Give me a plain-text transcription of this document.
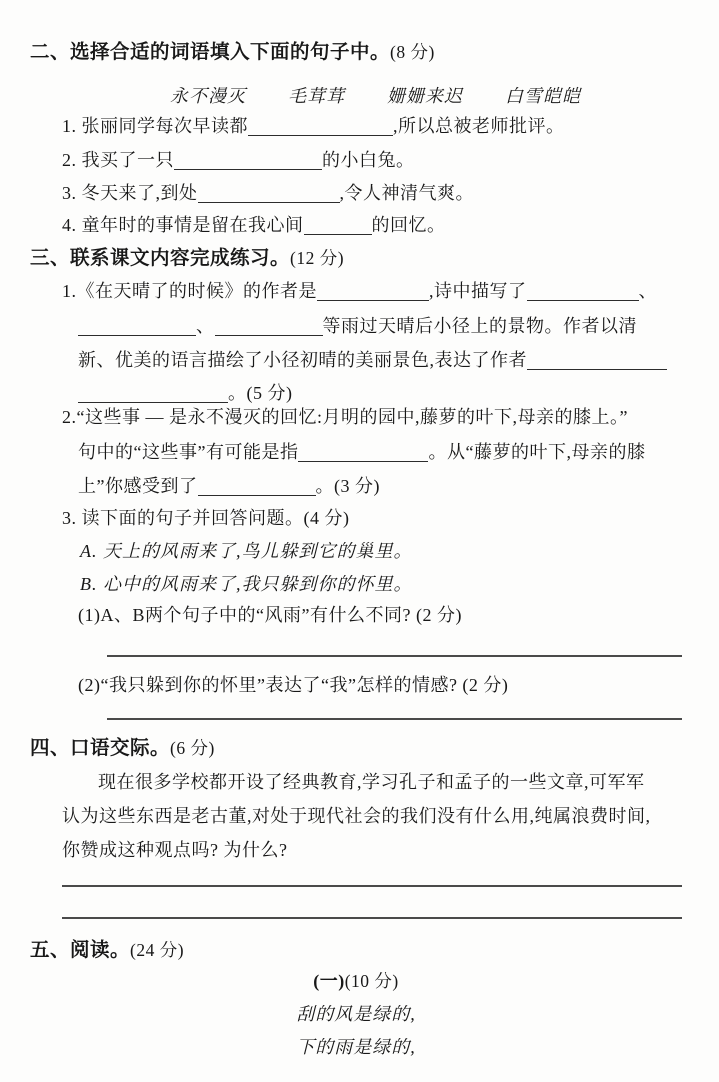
二、选择合适的词语填入下面的句子中。(8 分)
永不漫灭 毛茸茸 姗姗来迟 白雪皑皑
1. 张丽同学每次早读都	,所以总被老师批评。
2. 我买了一只	的小白兔。
3. 冬天来了,到处	,令人神清气爽。
4. 童年时的事情是留在我心间	的回忆。
三、联系课文内容完成练习。(12 分)
1.《在天晴了的时候》的作者是	,诗中描写了	、
、	等雨过天晴后小径上的景物。作者以清
新、优美的语言描绘了小径初晴的美丽景色,表达了作者
。(5 分)
2.“这些事 — 是永不漫灭的回忆:月明的园中,藤萝的叶下,母亲的膝上。”
句中的“这些事”有可能是指	。从“藤萝的叶下,母亲的膝
上”你感受到了	。(3 分)
3. 读下面的句子并回答问题。(4 分)
A. 天上的风雨来了,鸟儿躲到它的巢里。
B. 心中的风雨来了,我只躲到你的怀里。
(1)A、B两个句子中的“风雨”有什么不同? (2 分)
(2)“我只躲到你的怀里”表达了“我”怎样的情感? (2 分)
四、口语交际。(6 分)
现在很多学校都开设了经典教育,学习孔子和孟子的一些文章,可军军
认为这些东西是老古董,对处于现代社会的我们没有什么用,纯属浪费时间,
你赞成这种观点吗? 为什么?
五、阅读。(24 分)
(一)(10 分)
刮的风是绿的,
下的雨是绿的,
